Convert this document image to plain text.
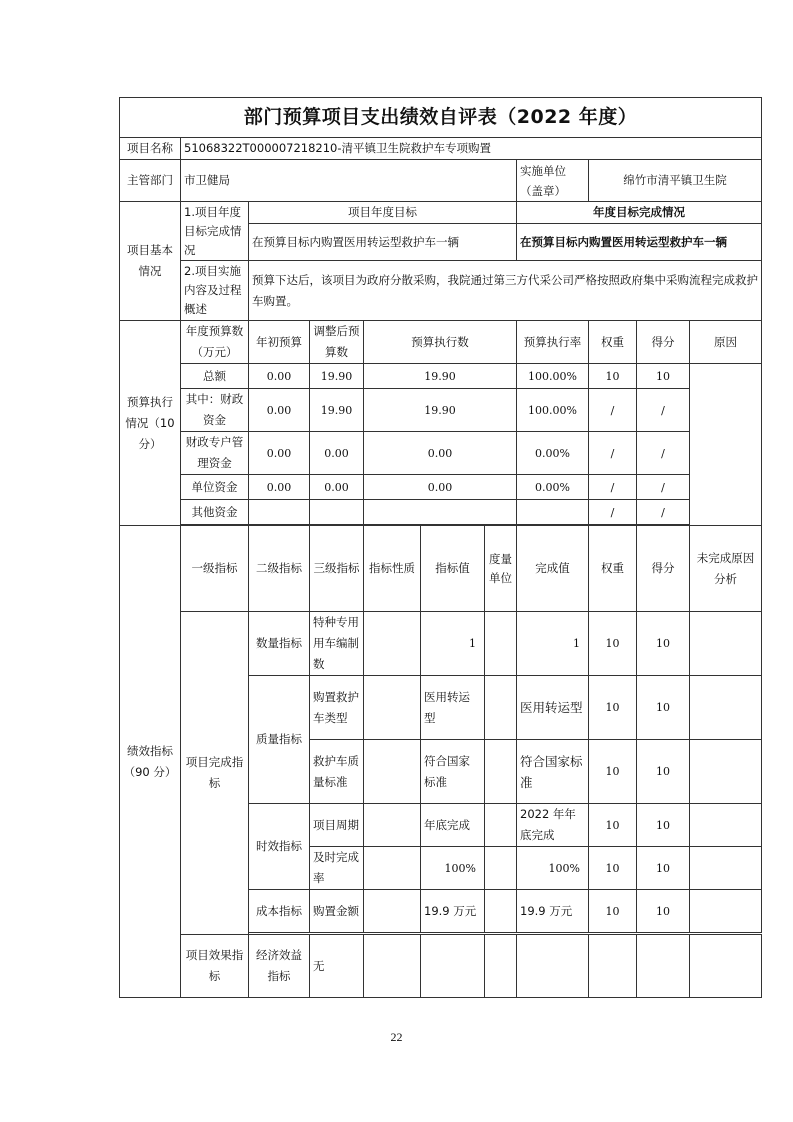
部门预算项目支出绩效自评表（2022 年度）										
项目名称	51068322T000007218210-清平镇卫生院救护车专项购置									
主管部门	市卫健局						实施单位（盖章）	绵竹市清平镇卫生院		
项目基本情况	1.项目年度目标完成情况	项目年度目标					年度目标完成情况			
		在预算目标内购置医用转运型救护车一辆					在预算目标内购置医用转运型救护车一辆			
	2.项目实施内容及过程概述	预算下达后，该项目为政府分散采购，我院通过第三方代采公司严格按照政府集中采购流程完成救护车购置。								

预算执行情况（10 分）	年度预算数（万元）	年初预算	调整后预算数	预算执行数			预算执行率	权重	得分	原因
	总额	0.00	19.90	19.90			100.00%	10	10	
	其中：财政资金	0.00	19.90	19.90			100.00%	/	/	
	财政专户管理资金	0.00	0.00	0.00			0.00%	/	/	
	单位资金	0.00	0.00	0.00			0.00%	/	/	
	其他资金							/	/	

绩效指标（90 分）	一级指标	二级指标	三级指标	指标性质	指标值	度量单位	完成值	权重	得分	未完成原因分析
	项目完成指标	数量指标	特种专用用车编制数		1		1	10	10	
		质量指标	购置救护车类型		医用转运型		医用转运型	10	10	
			救护车质量标准		符合国家标准		符合国家标准	10	10	
		时效指标	项目周期		年底完成		2022 年年底完成	10	10	
			及时完成率		100%		100%	10	10	
		成本指标	购置金额		19.9 万元		19.9 万元	10	10	

	项目效果指标	经济效益指标	无							
22
